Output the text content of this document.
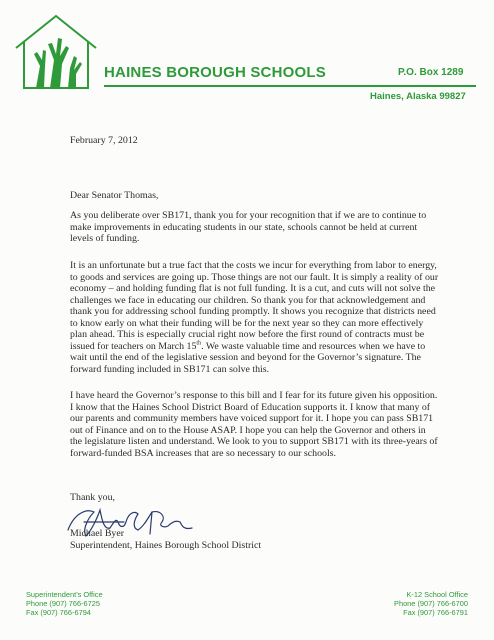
HAINES BOROUGH SCHOOLS	P.O. Box 1289
Haines, Alaska 99827
February 7, 2012
Dear Senator Thomas,
As you deliberate over SB171, thank you for your recognition that if we are to continue to make improvements in educating students in our state, schools cannot be held at current levels of funding.
It is an unfortunate but a true fact that the costs we incur for everything from labor to energy, to goods and services are going up. Those things are not our fault. It is simply a reality of our economy – and holding funding flat is not full funding. It is a cut, and cuts will not solve the challenges we face in educating our children. So thank you for that acknowledgement and thank you for addressing school funding promptly. It shows you recognize that districts need to know early on what their funding will be for the next year so they can more effectively plan ahead. This is especially crucial right now before the first round of contracts must be issued for teachers on March 15th. We waste valuable time and resources when we have to wait until the end of the legislative session and beyond for the Governor’s signature. The forward funding included in SB171 can solve this.
I have heard the Governor’s response to this bill and I fear for its future given his opposition. I know that the Haines School District Board of Education supports it. I know that many of our parents and community members have voiced support for it. I hope you can pass SB171 out of Finance and on to the House ASAP. I hope you can help the Governor and others in the legislature listen and understand. We look to you to support SB171 with its three-years of forward-funded BSA increases that are so necessary to our schools.
Thank you,
Michael Byer
Superintendent, Haines Borough School District
Superintendent’s Office
Phone (907) 766-6725
Fax (907) 766-6794
K-12 School Office
Phone (907) 766-6700
Fax (907) 766-6791
